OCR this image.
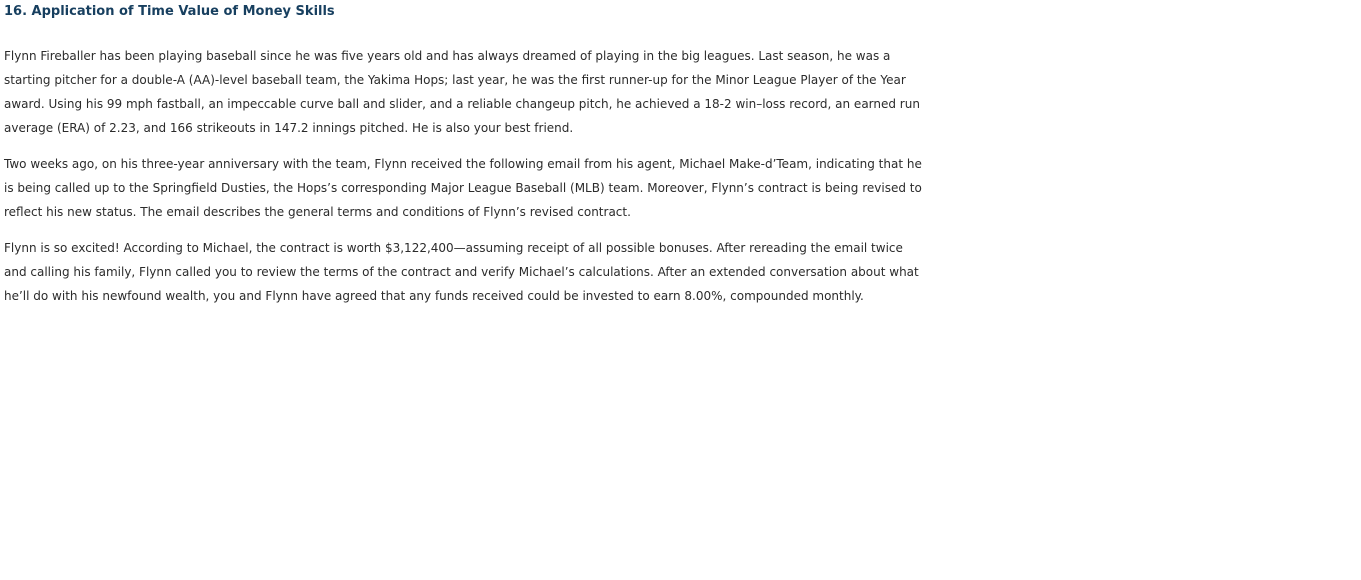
16. Application of Time Value of Money Skills

Flynn Fireballer has been playing baseball since he was five years old and has always dreamed of playing in the big leagues. Last season, he was a starting pitcher for a double-A (AA)-level baseball team, the Yakima Hops; last year, he was the first runner-up for the Minor League Player of the Year award. Using his 99 mph fastball, an impeccable curve ball and slider, and a reliable changeup pitch, he achieved a 18-2 win–loss record, an earned run average (ERA) of 2.23, and 166 strikeouts in 147.2 innings pitched. He is also your best friend.

Two weeks ago, on his three-year anniversary with the team, Flynn received the following email from his agent, Michael Make-d’Team, indicating that he is being called up to the Springfield Dusties, the Hops’s corresponding Major League Baseball (MLB) team. Moreover, Flynn’s contract is being revised to reflect his new status. The email describes the general terms and conditions of Flynn’s revised contract.

Flynn is so excited! According to Michael, the contract is worth $3,122,400—assuming receipt of all possible bonuses. After rereading the email twice and calling his family, Flynn called you to review the terms of the contract and verify Michael’s calculations. After an extended conversation about what he’ll do with his newfound wealth, you and Flynn have agreed that any funds received could be invested to earn 8.00%, compounded monthly.
